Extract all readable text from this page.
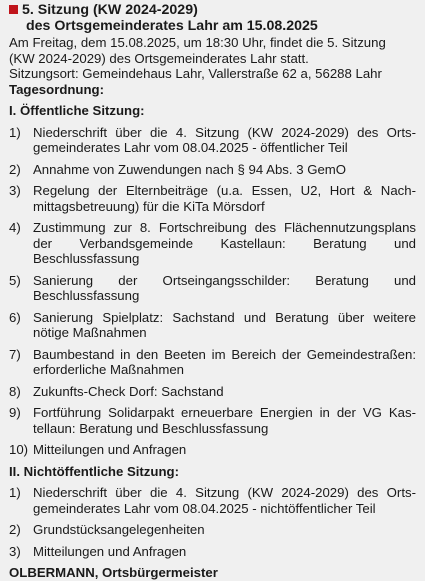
5. Sitzung (KW 2024-2029)
des Ortsgemeinderates Lahr am 15.08.2025
Am Freitag, dem 15.08.2025, um 18:30 Uhr, findet die 5. Sitzung
(KW 2024-2029) des Ortsgemeinderates Lahr statt.
Sitzungsort: Gemeindehaus Lahr, Vallerstraße 62 a, 56288 Lahr
Tagesordnung:
I. Öffentliche Sitzung:
1) Niederschrift über die 4. Sitzung (KW 2024-2029) des Ortsgemeinderates Lahr vom 08.04.2025 - öffentlicher Teil
2) Annahme von Zuwendungen nach § 94 Abs. 3 GemO
3) Regelung der Elternbeiträge (u.a. Essen, U2, Hort & Nachmittagsbetreuung) für die KiTa Mörsdorf
4) Zustimmung zur 8. Fortschreibung des Flächennutzungsplans der Verbandsgemeinde Kastellaun: Beratung und Beschlussfassung
5) Sanierung der Ortseingangsschilder: Beratung und Beschlussfassung
6) Sanierung Spielplatz: Sachstand und Beratung über weitere nötige Maßnahmen
7) Baumbestand in den Beeten im Bereich der Gemeindestraßen: erforderliche Maßnahmen
8) Zukunfts-Check Dorf: Sachstand
9) Fortführung Solidarpakt erneuerbare Energien in der VG Kastellaun: Beratung und Beschlussfassung
10) Mitteilungen und Anfragen
II. Nichtöffentliche Sitzung:
1) Niederschrift über die 4. Sitzung (KW 2024-2029) des Ortsgemeinderates Lahr vom 08.04.2025 - nichtöffentlicher Teil
2) Grundstücksangelegenheiten
3) Mitteilungen und Anfragen
OLBERMANN, Ortsbürgermeister
